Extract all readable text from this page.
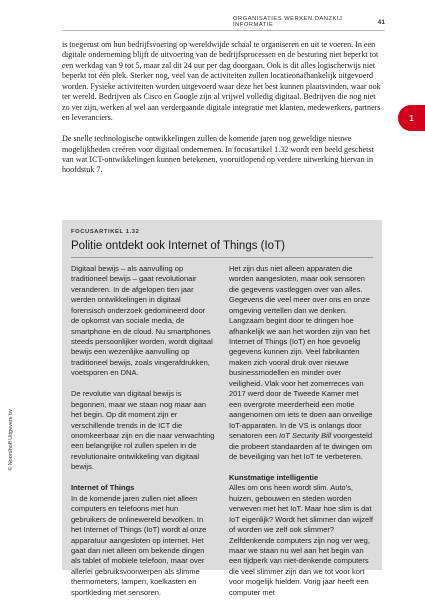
ORGANISATIES WERKEN DANZKIJ INFORMATIE	41
1
© Noordhoff Uitgevers bv

is toegerust om hun bedrijfsvoering op wereldwijde schaal te organiseren en uit te voeren. In een digitale onderneming blijft de uitvoering van de bedrijfsprocessen en de besturing niet beperkt tot een werkdag van 9 tot 5, maar zal dit 24 uur per dag doorgaan. Ook is dit alles logischerwijs niet beperkt tot één plek. Sterker nog, veel van de activiteiten zullen locatieonafhankelijk uitgevoerd worden. Fysieke activiteiten worden uitgevoerd waar deze het best kunnen plaatsvinden, waar ook ter wereld. Bedrijven als Cisco en Google zijn al vrijwel volledig digitaal. Bedrijven die nog niet zo ver zijn, werken al wel aan verdergaande digitale integratie met klanten, medewerkers, partners en leveranciers.

De snelle technologische ontwikkelingen zullen de komende jaren nog geweldige nieuwe mogelijkheden creëren voor digitaal ondernemen. In focusartikel 1.32 wordt een beeld geschetst van wat ICT-ontwikkelingen kunnen betekenen, vooruitlopend op verdere uitwerking hiervan in hoofdstuk 7.

FOCUSARTIKEL 1.32
Politie ontdekt ook Internet of Things (IoT)

Digitaal bewijs – als aanvulling op traditioneel bewijs – gaat revolutionair veranderen. In de afgelopen tien jaar werden ontwikkelingen in digitaal forensisch onderzoek gedomineerd door de opkomst van sociale media, de smartphone en de cloud. Nu smartphones steeds persoonlijker worden, wordt digitaal bewijs een wezenlijke aanvulling op traditioneel bewijs, zoals vingerafdrukken, voetsporen en DNA.

De revolutie van digitaal bewijs is begonnen, maar we staan nog maar aan het begin. Op dit moment zijn er verschillende trends in de ICT die onomkeerbaar zijn en die naar verwachting een belangrijke rol zullen spelen in de revolutionaire ontwikkeling van digitaal bewijs.

Internet of Things

In de komende jaren zullen niet alleen computers en telefoons met hun gebruikers de onlinewereld bevolken. In het Internet of Things (IoT) wordt al onze apparatuur aangesloten op internet. Het gaat dan niet alleen om bekende dingen als tablet of mobiele telefoon, maar over allerlei gebruiksvoorwerpen als slimme thermometers, lampen, koelkasten en sportkleding met sensoren.

Het zijn dus niet alleen apparaten die worden aangesloten, maar ook sensoren die gegevens vastleggen over van alles. Gegevens die veel meer over ons en onze omgeving vertellen dan we denken. Langzaam begint door te dringen hoe afhankelijk we aan het worden zijn van het Internet of Things (IoT) en hoe gevoelig gegevens kunnen zijn. Veel fabrikanten maken zich vooral druk over nieuwe businessmodellen en minder over veiligheid. Vlak voor het zomerreces van 2017 werd door de Tweede Kamer met een overgrote meerderheid een motie aangenomen om iets te doen aan onveilige IoT-apparaten. In de VS is onlangs door senatoren een IoT Security Bill voorgesteld die probeert standaarden af te dwingen om de beveiliging van het IoT te verbeteren.

Kunstmatige intelligentie

Alles om ons heen wordt slim. Auto's, huizen, gebouwen en steden worden verweven met het IoT. Maar hoe slim is dat IoT eigenlijk? Wordt het slimmer dan wijzelf of worden we zelf ook slimmer? Zelfdenkende computers zijn nog ver weg, maar we staan nu wel aan het begin van een tijdperk van niet-denkende computers die veel slimmer zijn dan we tot voor kort voor mogelijk hielden. Vorig jaar heeft een computer met
